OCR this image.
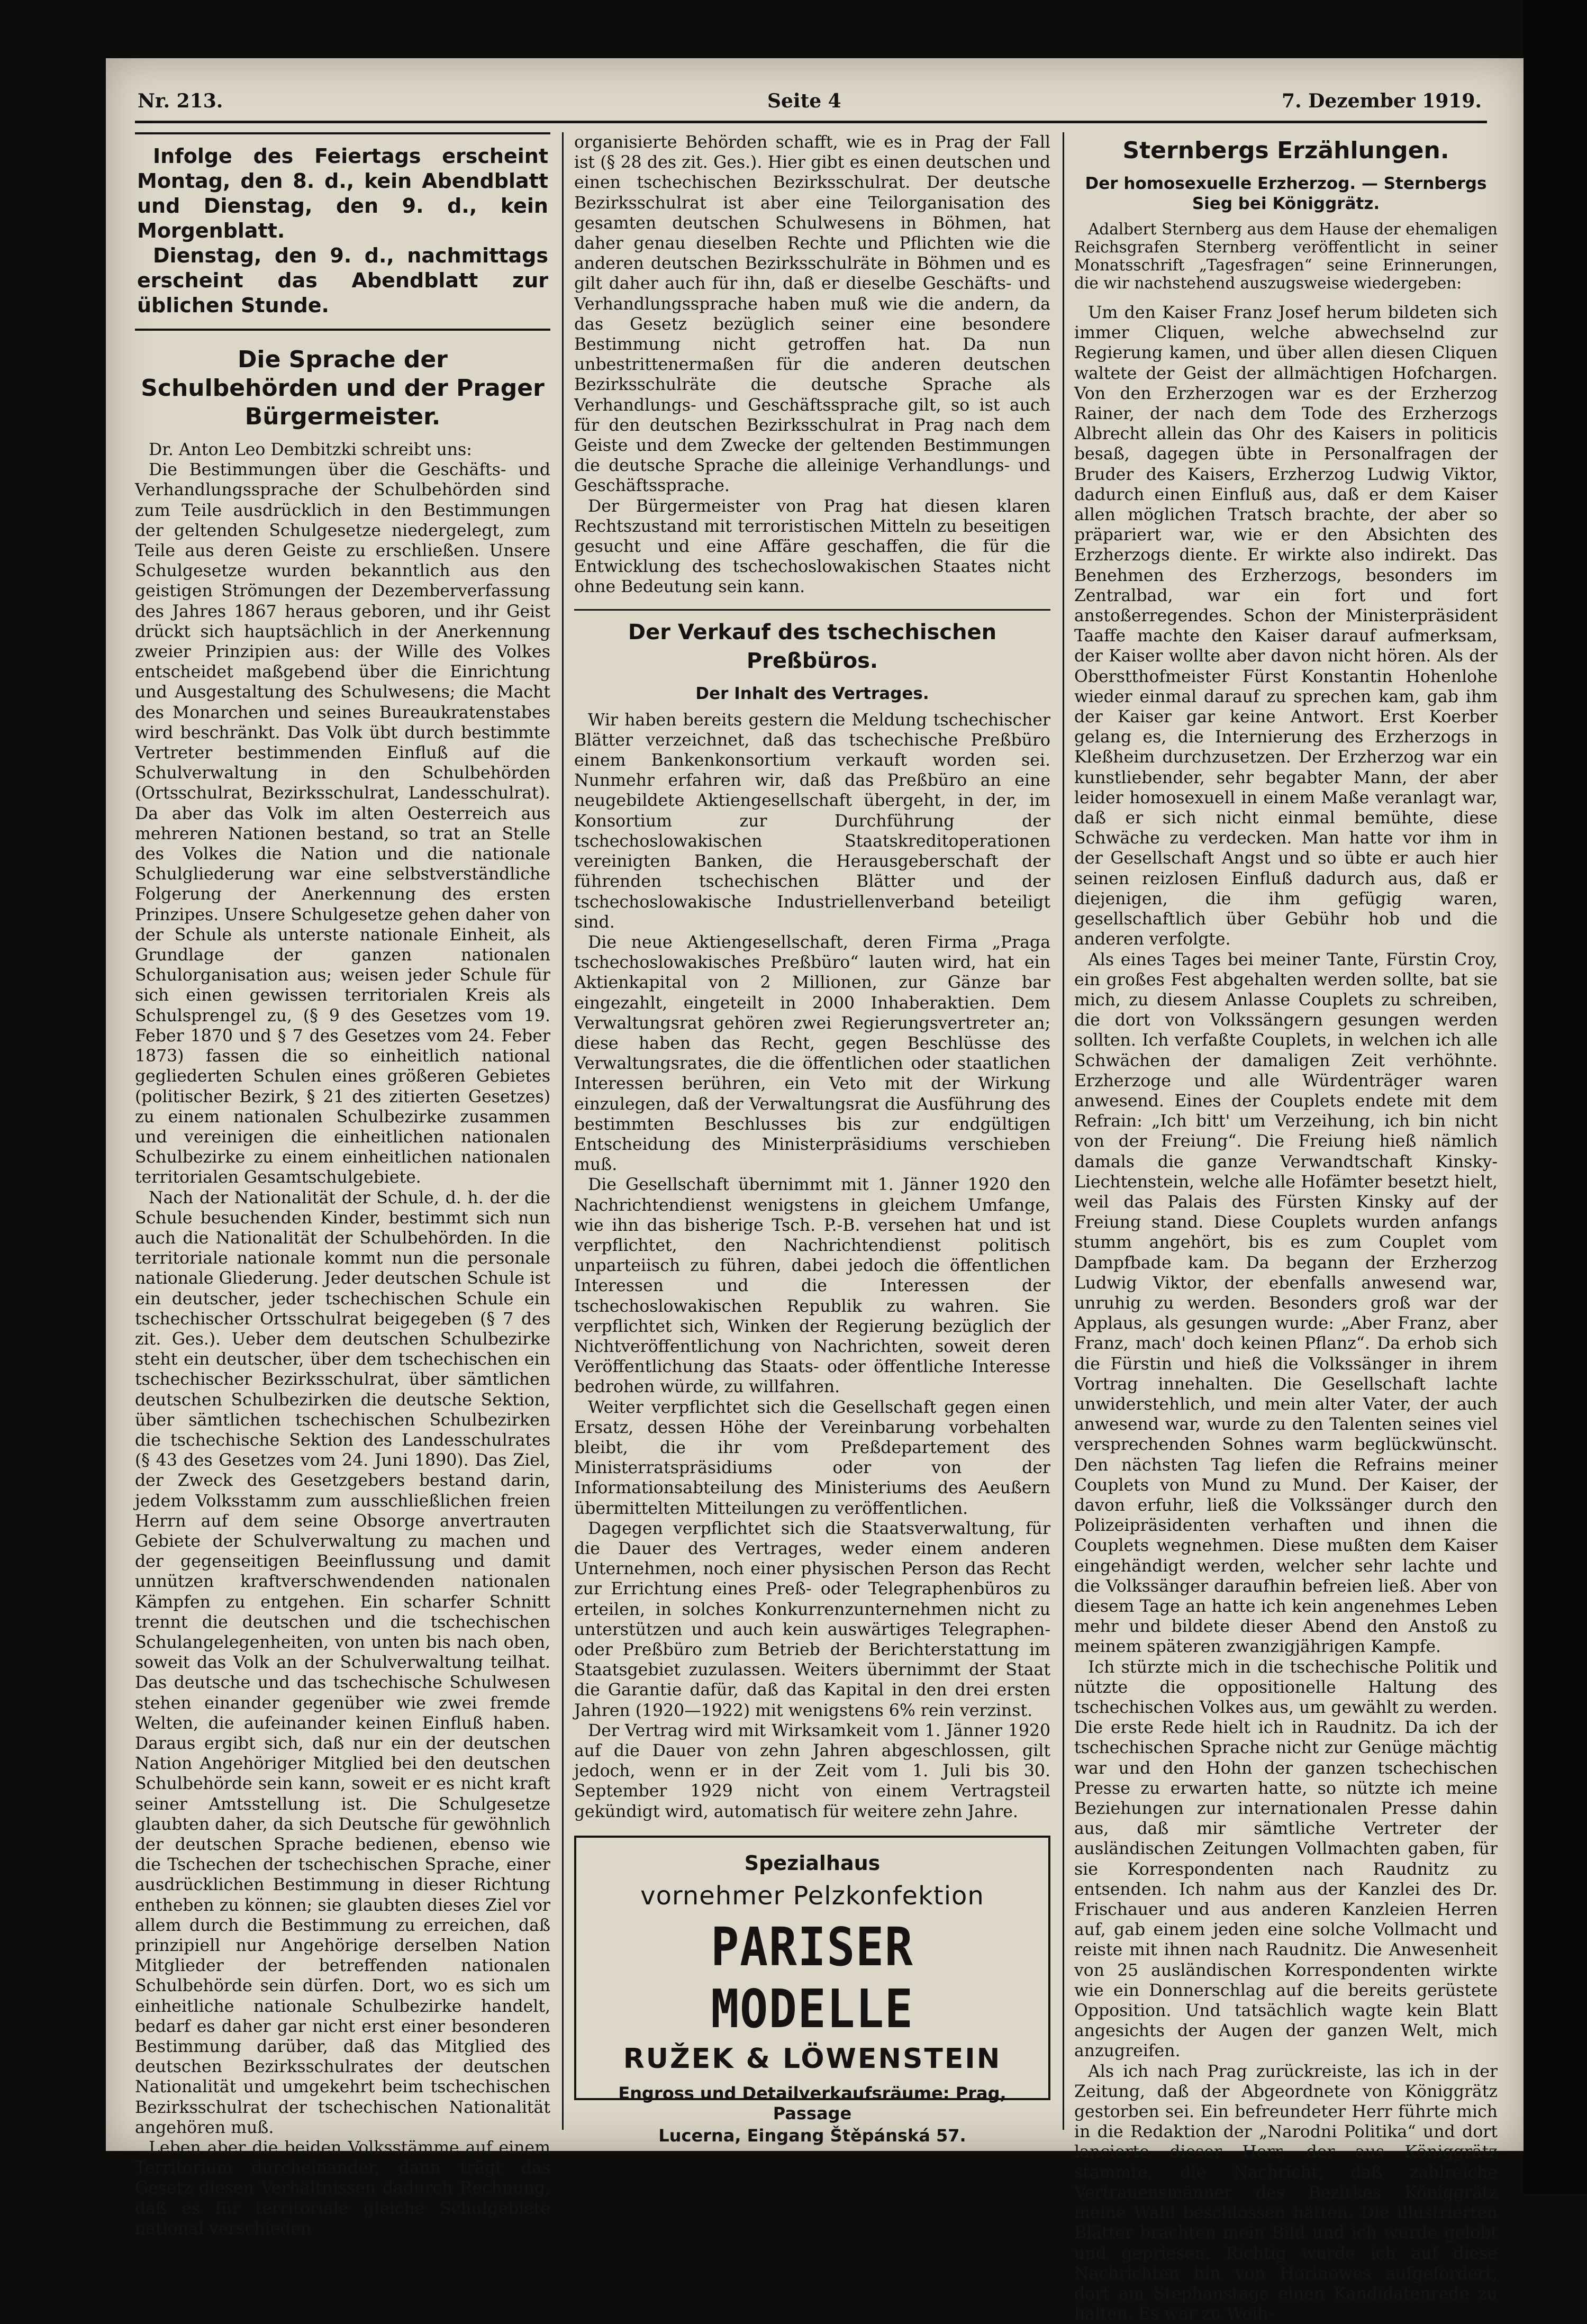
Nr. 213.	Seite 4	7. Dezember 1919.

Infolge des Feiertags erscheint Montag, den 8. d., kein Abendblatt und Dienstag, den 9. d., kein Morgenblatt.

Dienstag, den 9. d., nachmittags erscheint das Abendblatt zur üblichen Stunde.

Die Sprache der Schulbehörden und der Prager Bürgermeister.

Dr. Anton Leo Dembitzki schreibt uns:

Die Bestimmungen über die Geschäfts- und Verhandlungssprache der Schulbehörden sind zum Teile ausdrücklich in den Bestimmungen der geltenden Schulgesetze niedergelegt, zum Teile aus deren Geiste zu erschließen. Unsere Schulgesetze wurden bekanntlich aus den geistigen Strömungen der Dezemberverfassung des Jahres 1867 heraus geboren, und ihr Geist drückt sich hauptsächlich in der Anerkennung zweier Prinzipien aus: der Wille des Volkes entscheidet maßgebend über die Einrichtung und Ausgestaltung des Schulwesens; die Macht des Monarchen und seines Bureaukratenstabes wird beschränkt. Das Volk übt durch bestimmte Vertreter bestimmenden Einfluß auf die Schulverwaltung in den Schulbehörden (Ortsschulrat, Bezirksschulrat, Landesschulrat). Da aber das Volk im alten Oesterreich aus mehreren Nationen bestand, so trat an Stelle des Volkes die Nation und die nationale Schulgliederung war eine selbstverständliche Folgerung der Anerkennung des ersten Prinzipes. Unsere Schulgesetze gehen daher von der Schule als unterste nationale Einheit, als Grundlage der ganzen nationalen Schulorganisation aus; weisen jeder Schule für sich einen gewissen territorialen Kreis als Schulsprengel zu, (§ 9 des Gesetzes vom 19. Feber 1870 und § 7 des Gesetzes vom 24. Feber 1873) fassen die so einheitlich national gegliederten Schulen eines größeren Gebietes (politischer Bezirk, § 21 des zitierten Gesetzes) zu einem nationalen Schulbezirke zusammen und vereinigen die einheitlichen nationalen Schulbezirke zu einem einheitlichen nationalen territorialen Gesamtschulgebiete.

Nach der Nationalität der Schule, d. h. der die Schule besuchenden Kinder, bestimmt sich nun auch die Nationalität der Schulbehörden. In die territoriale nationale kommt nun die personale nationale Gliederung. Jeder deutschen Schule ist ein deutscher, jeder tschechischen Schule ein tschechischer Ortsschulrat beigegeben (§ 7 des zit. Ges.). Ueber dem deutschen Schulbezirke steht ein deutscher, über dem tschechischen ein tschechischer Bezirksschulrat, über sämtlichen deutschen Schulbezirken die deutsche Sektion, über sämtlichen tschechischen Schulbezirken die tschechische Sektion des Landesschulrates (§ 43 des Gesetzes vom 24. Juni 1890). Das Ziel, der Zweck des Gesetzgebers bestand darin, jedem Volksstamm zum ausschließlichen freien Herrn auf dem seine Obsorge anvertrauten Gebiete der Schulverwaltung zu machen und der gegenseitigen Beeinflussung und damit unnützen kraftverschwendenden nationalen Kämpfen zu entgehen. Ein scharfer Schnitt trennt die deutschen und die tschechischen Schulangelegenheiten, von unten bis nach oben, soweit das Volk an der Schulverwaltung teilhat. Das deutsche und das tschechische Schulwesen stehen einander gegenüber wie zwei fremde Welten, die aufeinander keinen Einfluß haben. Daraus ergibt sich, daß nur ein der deutschen Nation Angehöriger Mitglied bei den deutschen Schulbehörde sein kann, soweit er es nicht kraft seiner Amtsstellung ist. Die Schulgesetze glaubten daher, da sich Deutsche für gewöhnlich der deutschen Sprache bedienen, ebenso wie die Tschechen der tschechischen Sprache, einer ausdrücklichen Bestimmung in dieser Richtung entheben zu können; sie glaubten dieses Ziel vor allem durch die Bestimmung zu erreichen, daß prinzipiell nur Angehörige derselben Nation Mitglieder der betreffenden nationalen Schulbehörde sein dürfen. Dort, wo es sich um einheitliche nationale Schulbezirke handelt, bedarf es daher gar nicht erst einer besonderen Bestimmung darüber, daß das Mitglied des deutschen Bezirksschulrates der deutschen Nationalität und umgekehrt beim tschechischen Bezirksschulrat der tschechischen Nationalität angehören muß.

Leben aber die beiden Volksstämme auf einem Territorium durcheinander, dann trägt das Gesetz diesen Verhältnissen dadurch Rechnung, daß es für territoriale gleiche Schulgebiete national verschieden

organisierte Behörden schafft, wie es in Prag der Fall ist (§ 28 des zit. Ges.). Hier gibt es einen deutschen und einen tschechischen Bezirksschulrat. Der deutsche Bezirksschulrat ist aber eine Teilorganisation des gesamten deutschen Schulwesens in Böhmen, hat daher genau dieselben Rechte und Pflichten wie die anderen deutschen Bezirksschulräte in Böhmen und es gilt daher auch für ihn, daß er dieselbe Geschäfts- und Verhandlungssprache haben muß wie die andern, da das Gesetz bezüglich seiner eine besondere Bestimmung nicht getroffen hat. Da nun unbestrittenermaßen für die anderen deutschen Bezirksschulräte die deutsche Sprache als Verhandlungs- und Geschäftssprache gilt, so ist auch für den deutschen Bezirksschulrat in Prag nach dem Geiste und dem Zwecke der geltenden Bestimmungen die deutsche Sprache die alleinige Verhandlungs- und Geschäftssprache.

Der Bürgermeister von Prag hat diesen klaren Rechtszustand mit terroristischen Mitteln zu beseitigen gesucht und eine Affäre geschaffen, die für die Entwicklung des tschechoslowakischen Staates nicht ohne Bedeutung sein kann.

Der Verkauf des tschechischen Preßbüros.
Der Inhalt des Vertrages.

Wir haben bereits gestern die Meldung tschechischer Blätter verzeichnet, daß das tschechische Preßbüro einem Bankenkonsortium verkauft worden sei. Nunmehr erfahren wir, daß das Preßbüro an eine neugebildete Aktiengesellschaft übergeht, in der, im Konsortium zur Durchführung der tschechoslowakischen Staatskreditoperationen vereinigten Banken, die Herausgeberschaft der führenden tschechischen Blätter und der tschechoslowakische Industriellenverband beteiligt sind.

Die neue Aktiengesellschaft, deren Firma „Praga tschechoslowakisches Preßbüro“ lauten wird, hat ein Aktienkapital von 2 Millionen, zur Gänze bar eingezahlt, eingeteilt in 2000 Inhaberaktien. Dem Verwaltungsrat gehören zwei Regierungsvertreter an; diese haben das Recht, gegen Beschlüsse des Verwaltungsrates, die die öffentlichen oder staatlichen Interessen berühren, ein Veto mit der Wirkung einzulegen, daß der Verwaltungsrat die Ausführung des bestimmten Beschlusses bis zur endgültigen Entscheidung des Ministerpräsidiums verschieben muß.

Die Gesellschaft übernimmt mit 1. Jänner 1920 den Nachrichtendienst wenigstens in gleichem Umfange, wie ihn das bisherige Tsch. P.-B. versehen hat und ist verpflichtet, den Nachrichtendienst politisch unparteiisch zu führen, dabei jedoch die öffentlichen Interessen und die Interessen der tschechoslowakischen Republik zu wahren. Sie verpflichtet sich, Winken der Regierung bezüglich der Nichtveröffentlichung von Nachrichten, soweit deren Veröffentlichung das Staats- oder öffentliche Interesse bedrohen würde, zu willfahren.

Weiter verpflichtet sich die Gesellschaft gegen einen Ersatz, dessen Höhe der Vereinbarung vorbehalten bleibt, die ihr vom Preßdepartement des Ministerratspräsidiums oder von der Informationsabteilung des Ministeriums des Aeußern übermittelten Mitteilungen zu veröffentlichen.

Dagegen verpflichtet sich die Staatsverwaltung, für die Dauer des Vertrages, weder einem anderen Unternehmen, noch einer physischen Person das Recht zur Errichtung eines Preß- oder Telegraphenbüros zu erteilen, in solches Konkurrenzunternehmen nicht zu unterstützen und auch kein auswärtiges Telegraphen- oder Preßbüro zum Betrieb der Berichterstattung im Staatsgebiet zuzulassen. Weiters übernimmt der Staat die Garantie dafür, daß das Kapital in den drei ersten Jahren (1920—1922) mit wenigstens 6% rein verzinst.

Der Vertrag wird mit Wirksamkeit vom 1. Jänner 1920 auf die Dauer von zehn Jahren abgeschlossen, gilt jedoch, wenn er in der Zeit vom 1. Juli bis 30. September 1929 nicht von einem Vertragsteil gekündigt wird, automatisch für weitere zehn Jahre.

Spezialhaus
vornehmer Pelzkonfektion
PARISER MODELLE
RUŽEK & LÖWENSTEIN
Engross und Detailverkaufsräume: Prag, Passage
Lucerna, Eingang Štěpánská 57.
Sternbergs Erzählungen.
Der homosexuelle Erzherzog. — Sternbergs Sieg bei Königgrätz.

Adalbert Sternberg aus dem Hause der ehemaligen Reichsgrafen Sternberg veröffentlicht in seiner Monatsschrift „Tagesfragen“ seine Erinnerungen, die wir nachstehend auszugsweise wiedergeben:

Um den Kaiser Franz Josef herum bildeten sich immer Cliquen, welche abwechselnd zur Regierung kamen, und über allen diesen Cliquen waltete der Geist der allmächtigen Hofchargen. Von den Erzherzogen war es der Erzherzog Rainer, der nach dem Tode des Erzherzogs Albrecht allein das Ohr des Kaisers in politicis besaß, dagegen übte in Personalfragen der Bruder des Kaisers, Erzherzog Ludwig Viktor, dadurch einen Einfluß aus, daß er dem Kaiser allen möglichen Tratsch brachte, der aber so präpariert war, wie er den Absichten des Erzherzogs diente. Er wirkte also indirekt. Das Benehmen des Erzherzogs, besonders im Zentralbad, war ein fort und fort anstoßerregendes. Schon der Ministerpräsident Taaffe machte den Kaiser darauf aufmerksam, der Kaiser wollte aber davon nicht hören. Als der Oberstthofmeister Fürst Konstantin Hohenlohe wieder einmal darauf zu sprechen kam, gab ihm der Kaiser gar keine Antwort. Erst Koerber gelang es, die Internierung des Erzherzogs in Kleßheim durchzusetzen. Der Erzherzog war ein kunstliebender, sehr begabter Mann, der aber leider homosexuell in einem Maße veranlagt war, daß er sich nicht einmal bemühte, diese Schwäche zu verdecken. Man hatte vor ihm in der Gesellschaft Angst und so übte er auch hier seinen reizlosen Einfluß dadurch aus, daß er diejenigen, die ihm gefügig waren, gesellschaftlich über Gebühr hob und die anderen verfolgte.

Als eines Tages bei meiner Tante, Fürstin Croy, ein großes Fest abgehalten werden sollte, bat sie mich, zu diesem Anlasse Couplets zu schreiben, die dort von Volkssängern gesungen werden sollten. Ich verfaßte Couplets, in welchen ich alle Schwächen der damaligen Zeit verhöhnte. Erzherzoge und alle Würdenträger waren anwesend. Eines der Couplets endete mit dem Refrain: „Ich bitt' um Verzeihung, ich bin nicht von der Freiung“. Die Freiung hieß nämlich damals die ganze Verwandtschaft Kinsky-Liechtenstein, welche alle Hofämter besetzt hielt, weil das Palais des Fürsten Kinsky auf der Freiung stand. Diese Couplets wurden anfangs stumm angehört, bis es zum Couplet vom Dampfbade kam. Da begann der Erzherzog Ludwig Viktor, der ebenfalls anwesend war, unruhig zu werden. Besonders groß war der Applaus, als gesungen wurde: „Aber Franz, aber Franz, mach' doch keinen Pflanz“. Da erhob sich die Fürstin und hieß die Volkssänger in ihrem Vortrag innehalten. Die Gesellschaft lachte unwiderstehlich, und mein alter Vater, der auch anwesend war, wurde zu den Talenten seines viel versprechenden Sohnes warm beglückwünscht. Den nächsten Tag liefen die Refrains meiner Couplets von Mund zu Mund. Der Kaiser, der davon erfuhr, ließ die Volkssänger durch den Polizeipräsidenten verhaften und ihnen die Couplets wegnehmen. Diese mußten dem Kaiser eingehändigt werden, welcher sehr lachte und die Volkssänger daraufhin befreien ließ. Aber von diesem Tage an hatte ich kein angenehmes Leben mehr und bildete dieser Abend den Anstoß zu meinem späteren zwanzigjährigen Kampfe.

Ich stürzte mich in die tschechische Politik und nützte die oppositionelle Haltung des tschechischen Volkes aus, um gewählt zu werden. Die erste Rede hielt ich in Raudnitz. Da ich der tschechischen Sprache nicht zur Genüge mächtig war und den Hohn der ganzen tschechischen Presse zu erwarten hatte, so nützte ich meine Beziehungen zur internationalen Presse dahin aus, daß mir sämtliche Vertreter der ausländischen Zeitungen Vollmachten gaben, für sie Korrespondenten nach Raudnitz zu entsenden. Ich nahm aus der Kanzlei des Dr. Frischauer und aus anderen Kanzleien Herren auf, gab einem jeden eine solche Vollmacht und reiste mit ihnen nach Raudnitz. Die Anwesenheit von 25 ausländischen Korrespondenten wirkte wie ein Donnerschlag auf die bereits gerüstete Opposition. Und tatsächlich wagte kein Blatt angesichts der Augen der ganzen Welt, mich anzugreifen.

Als ich nach Prag zurückreiste, las ich in der Zeitung, daß der Abgeordnete von Königgrätz gestorben sei. Ein befreundeter Herr führte mich in die Redaktion der „Narodni Politika“ und dort lancierte dieser Herr, der aus Königgrätz stammte, die Nachricht, daß zahlreiche Vertrauensmänner des Bezirkes Königgrätz meine Wahl beschlossen hätten. Die illustrierten Blätter brachten mein Bild und ich wurde gelobt und gepriesen. Richtig wurde ich auf diese Nachrichten hin von Horinowes aufgefordert, dort am Stephanstage einen Kandidatenrede zu halten. Es war zu Weih-
